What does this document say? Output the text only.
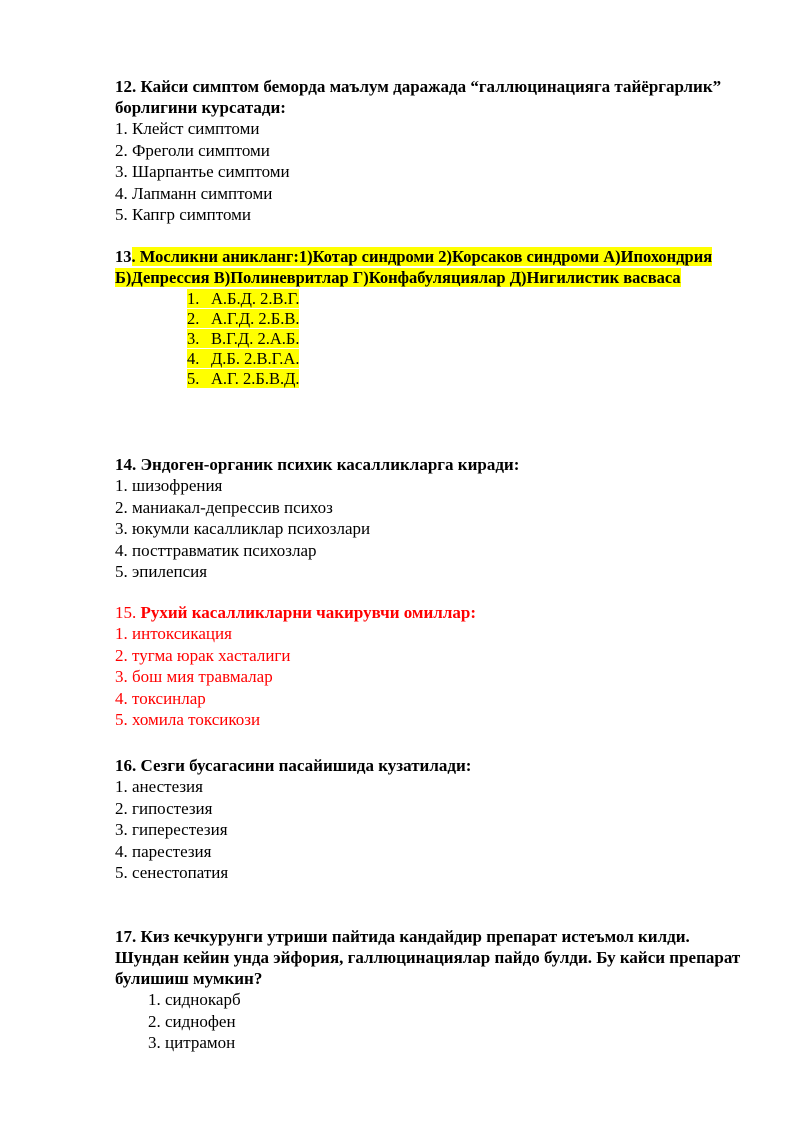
12. Кайси симптом беморда маълум даражада “галлюцинацияга тайёргарлик” борлигини курсатади:

1. Клейст симптоми

2. Фреголи симптоми

3. Шарпантье симптоми

4. Лапманн симптоми

5. Капгр симптоми

13. Мосликни аникланг:1)Котар синдроми 2)Корсаков синдроми А)Ипохондрия Б)Депрессия В)Полиневритлар Г)Конфабуляциялар Д)Нигилистик васваса

1. А.Б.Д. 2.В.Г.
2. А.Г.Д. 2.Б.В.
3. В.Г.Д. 2.А.Б.
4. Д.Б. 2.В.Г.А.
5. А.Г. 2.Б.В.Д.

14. Эндоген-органик психик касалликларга киради:

1. шизофрения

2. маниакал-депрессив психоз

3. юкумли касалликлар психозлари

4. посттравматик психозлар

5. эпилепсия

15. Рухий касалликларни чакирувчи омиллар:

1. интоксикация

2. тугма юрак хасталиги

3. бош мия травмалар

4. токсинлар

5. хомила токсикози

16. Сезги бусагасини пасайишида кузатилади:

1. анестезия

2. гипостезия

3. гиперестезия

4. парестезия

5. сенестопатия

17. Киз кечкурунги утриши пайтида кандайдир препарат истеъмол килди. Шундан кейин унда эйфория, галлюцинациялар пайдо булди. Бу кайси препарат булишиш мумкин?

1. сиднокарб
2. сиднофен
3. цитрамон
